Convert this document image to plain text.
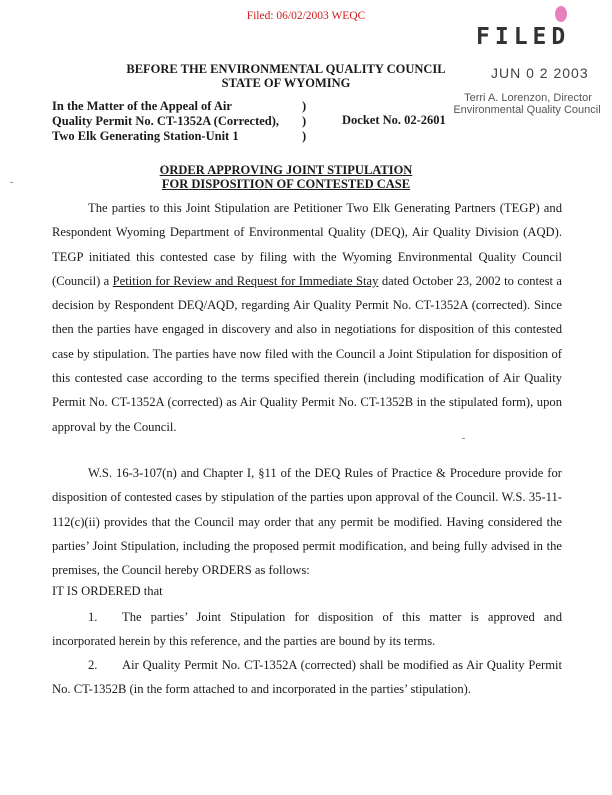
Filed: 06/02/2003 WEQC
FILED
JUN 0 2 2003
Terri A. Lorenzon, Director
Environmental Quality Council
BEFORE THE ENVIRONMENTAL QUALITY COUNCIL
STATE OF WYOMING
In the Matter of the Appeal of Air
Quality Permit No. CT-1352A (Corrected),
Two Elk Generating Station-Unit 1
)
)
)
Docket No. 02-2601
ORDER APPROVING JOINT STIPULATION
FOR DISPOSITION OF CONTESTED CASE

The parties to this Joint Stipulation are Petitioner Two Elk Generating Partners (TEGP) and Respondent Wyoming Department of Environmental Quality (DEQ), Air Quality Division (AQD). TEGP initiated this contested case by filing with the Wyoming Environmental Quality Council (Council) a Petition for Review and Request for Immediate Stay dated October 23, 2002 to contest a decision by Respondent DEQ/AQD, regarding Air Quality Permit No. CT-1352A (corrected). Since then the parties have engaged in discovery and also in negotiations for disposition of this contested case by stipulation. The parties have now filed with the Council a Joint Stipulation for disposition of this contested case according to the terms specified therein (including modification of Air Quality Permit No. CT-1352A (corrected) as Air Quality Permit No. CT-1352B in the stipulated form), upon approval by the Council.

W.S. 16-3-107(n) and Chapter I, §11 of the DEQ Rules of Practice & Procedure provide for disposition of contested cases by stipulation of the parties upon approval of the Council. W.S. 35-11-112(c)(ii) provides that the Council may order that any permit be modified. Having considered the parties’ Joint Stipulation, including the proposed permit modification, and being fully advised in the premises, the Council hereby ORDERS as follows:

IT IS ORDERED that

1. The parties’ Joint Stipulation for disposition of this matter is approved and incorporated herein by this reference, and the parties are bound by its terms.

2. Air Quality Permit No. CT-1352A (corrected) shall be modified as Air Quality Permit No. CT-1352B (in the form attached to and incorporated in the parties’ stipulation).
